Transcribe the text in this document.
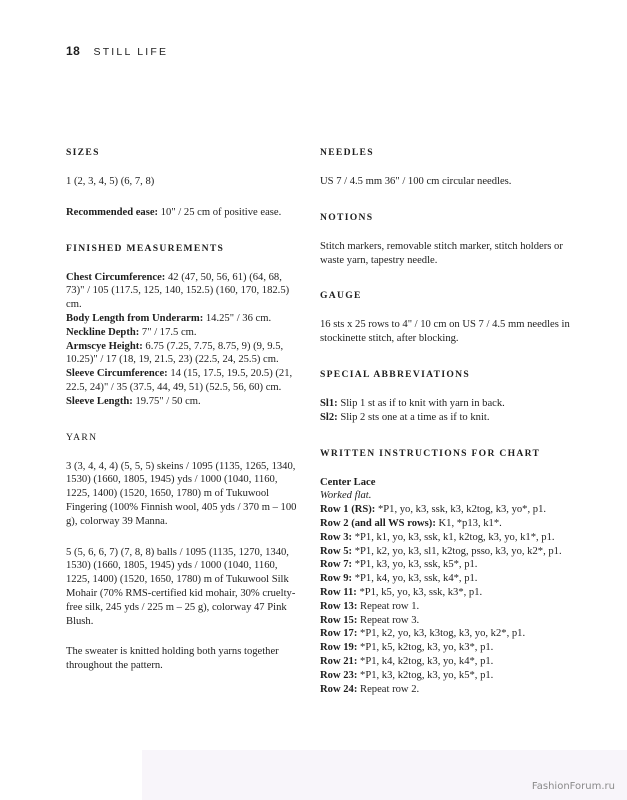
18 STILL LIFE
SIZES

1 (2, 3, 4, 5) (6, 7, 8)

Recommended ease: 10" / 25 cm of positive ease.

FINISHED MEASUREMENTS

Chest Circumference: 42 (47, 50, 56, 61) (64, 68, 73)" / 105 (117.5, 125, 140, 152.5) (160, 170, 182.5) cm.

Body Length from Underarm: 14.25" / 36 cm.

Neckline Depth: 7" / 17.5 cm.

Armscye Height: 6.75 (7.25, 7.75, 8.75, 9) (9, 9.5, 10.25)" / 17 (18, 19, 21.5, 23) (22.5, 24, 25.5) cm.

Sleeve Circumference: 14 (15, 17.5, 19.5, 20.5) (21, 22.5, 24)" / 35 (37.5, 44, 49, 51) (52.5, 56, 60) cm.

Sleeve Length: 19.75" / 50 cm.

YARN

3 (3, 4, 4, 4) (5, 5, 5) skeins / 1095 (1135, 1265, 1340, 1530) (1660, 1805, 1945) yds / 1000 (1040, 1160, 1225, 1400) (1520, 1650, 1780) m of Tukuwool Fingering (100% Finnish wool, 405 yds / 370 m – 100 g), colorway 39 Manna.

5 (5, 6, 6, 7) (7, 8, 8) balls / 1095 (1135, 1270, 1340, 1530) (1660, 1805, 1945) yds / 1000 (1040, 1160, 1225, 1400) (1520, 1650, 1780) m of Tukuwool Silk Mohair (70% RMS-certified kid mohair, 30% cruelty-free silk, 245 yds / 225 m – 25 g), colorway 47 Pink Blush.

The sweater is knitted holding both yarns together throughout the pattern.

NEEDLES

US 7 / 4.5 mm 36" / 100 cm circular needles.

NOTIONS

Stitch markers, removable stitch marker, stitch holders or waste yarn, tapestry needle.

GAUGE

16 sts x 25 rows to 4" / 10 cm on US 7 / 4.5 mm needles in stockinette stitch, after blocking.

SPECIAL ABBREVIATIONS

Sl1: Slip 1 st as if to knit with yarn in back.

Sl2: Slip 2 sts one at a time as if to knit.

WRITTEN INSTRUCTIONS FOR CHART

Center Lace

Worked flat.

Row 1 (RS): *P1, yo, k3, ssk, k3, k2tog, k3, yo*, p1.

Row 2 (and all WS rows): K1, *p13, k1*.

Row 3: *P1, k1, yo, k3, ssk, k1, k2tog, k3, yo, k1*, p1.

Row 5: *P1, k2, yo, k3, sl1, k2tog, psso, k3, yo, k2*, p1.

Row 7: *P1, k3, yo, k3, ssk, k5*, p1.

Row 9: *P1, k4, yo, k3, ssk, k4*, p1.

Row 11: *P1, k5, yo, k3, ssk, k3*, p1.

Row 13: Repeat row 1.

Row 15: Repeat row 3.

Row 17: *P1, k2, yo, k3, k3tog, k3, yo, k2*, p1.

Row 19: *P1, k5, k2tog, k3, yo, k3*, p1.

Row 21: *P1, k4, k2tog, k3, yo, k4*, p1.

Row 23: *P1, k3, k2tog, k3, yo, k5*, p1.

Row 24: Repeat row 2.

FashionForum.ru
